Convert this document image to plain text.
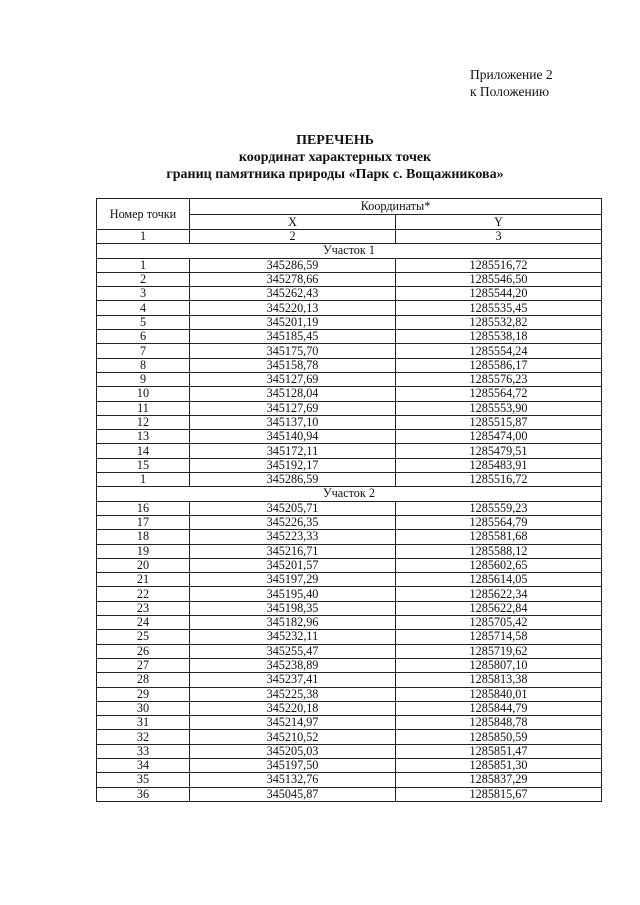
Приложение 2
к Положению
ПЕРЕЧЕНЬ
координат характерных точек
границ памятника природы «Парк с. Вощажникова»
Номер точки	Координаты*	
	X	Y
1	2	3
Участок 1		
1	345286,59	1285516,72
2	345278,66	1285546,50
3	345262,43	1285544,20
4	345220,13	1285535,45
5	345201,19	1285532,82
6	345185,45	1285538,18
7	345175,70	1285554,24
8	345158,78	1285586,17
9	345127,69	1285576,23
10	345128,04	1285564,72
11	345127,69	1285553,90
12	345137,10	1285515,87
13	345140,94	1285474,00
14	345172,11	1285479,51
15	345192,17	1285483,91
1	345286,59	1285516,72
Участок 2		
16	345205,71	1285559,23
17	345226,35	1285564,79
18	345223,33	1285581,68
19	345216,71	1285588,12
20	345201,57	1285602,65
21	345197,29	1285614,05
22	345195,40	1285622,34
23	345198,35	1285622,84
24	345182,96	1285705,42
25	345232,11	1285714,58
26	345255,47	1285719,62
27	345238,89	1285807,10
28	345237,41	1285813,38
29	345225,38	1285840,01
30	345220,18	1285844,79
31	345214,97	1285848,78
32	345210,52	1285850,59
33	345205,03	1285851,47
34	345197,50	1285851,30
35	345132,76	1285837,29
36	345045,87	1285815,67
